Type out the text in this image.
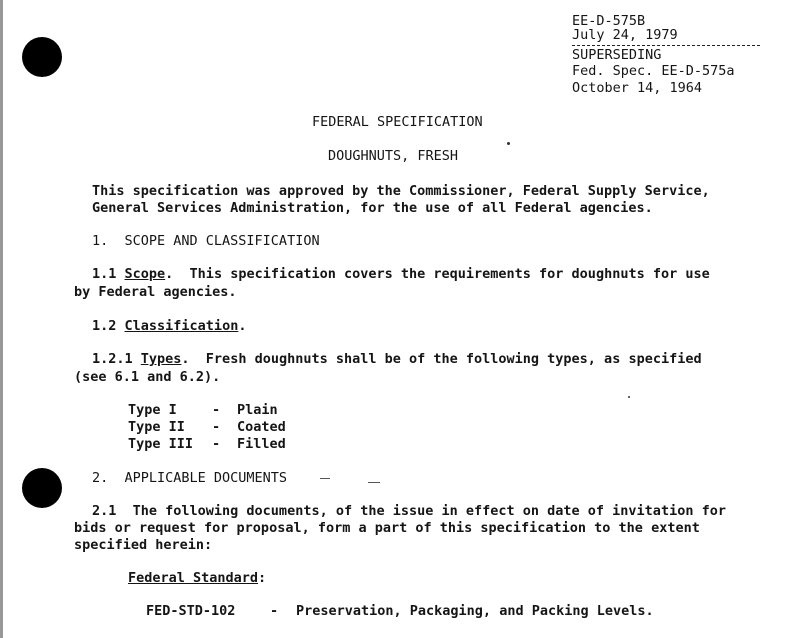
EE-D-575B
July 24, 1979
SUPERSEDING
Fed. Spec. EE-D-575a
October 14, 1964
FEDERAL SPECIFICATION
DOUGHNUTS, FRESH
This specification was approved by the Commissioner, Federal Supply Service,
General Services Administration, for the use of all Federal agencies.
1.  SCOPE AND CLASSIFICATION
1.1 Scope.  This specification covers the requirements for doughnuts for use
by Federal agencies.
1.2 Classification.
1.2.1 Types.  Fresh doughnuts shall be of the following types, as specified
(see 6.1 and 6.2).
Type I	- Plain
Type II - Coated
Type III - Filled
2.  APPLICABLE DOCUMENTS
2.1  The following documents, of the issue in effect on date of invitation for
bids or request for proposal, form a part of this specification to the extent
specified herein:
Federal Standard:
FED-STD-102	- Preservation, Packaging, and Packing Levels.
